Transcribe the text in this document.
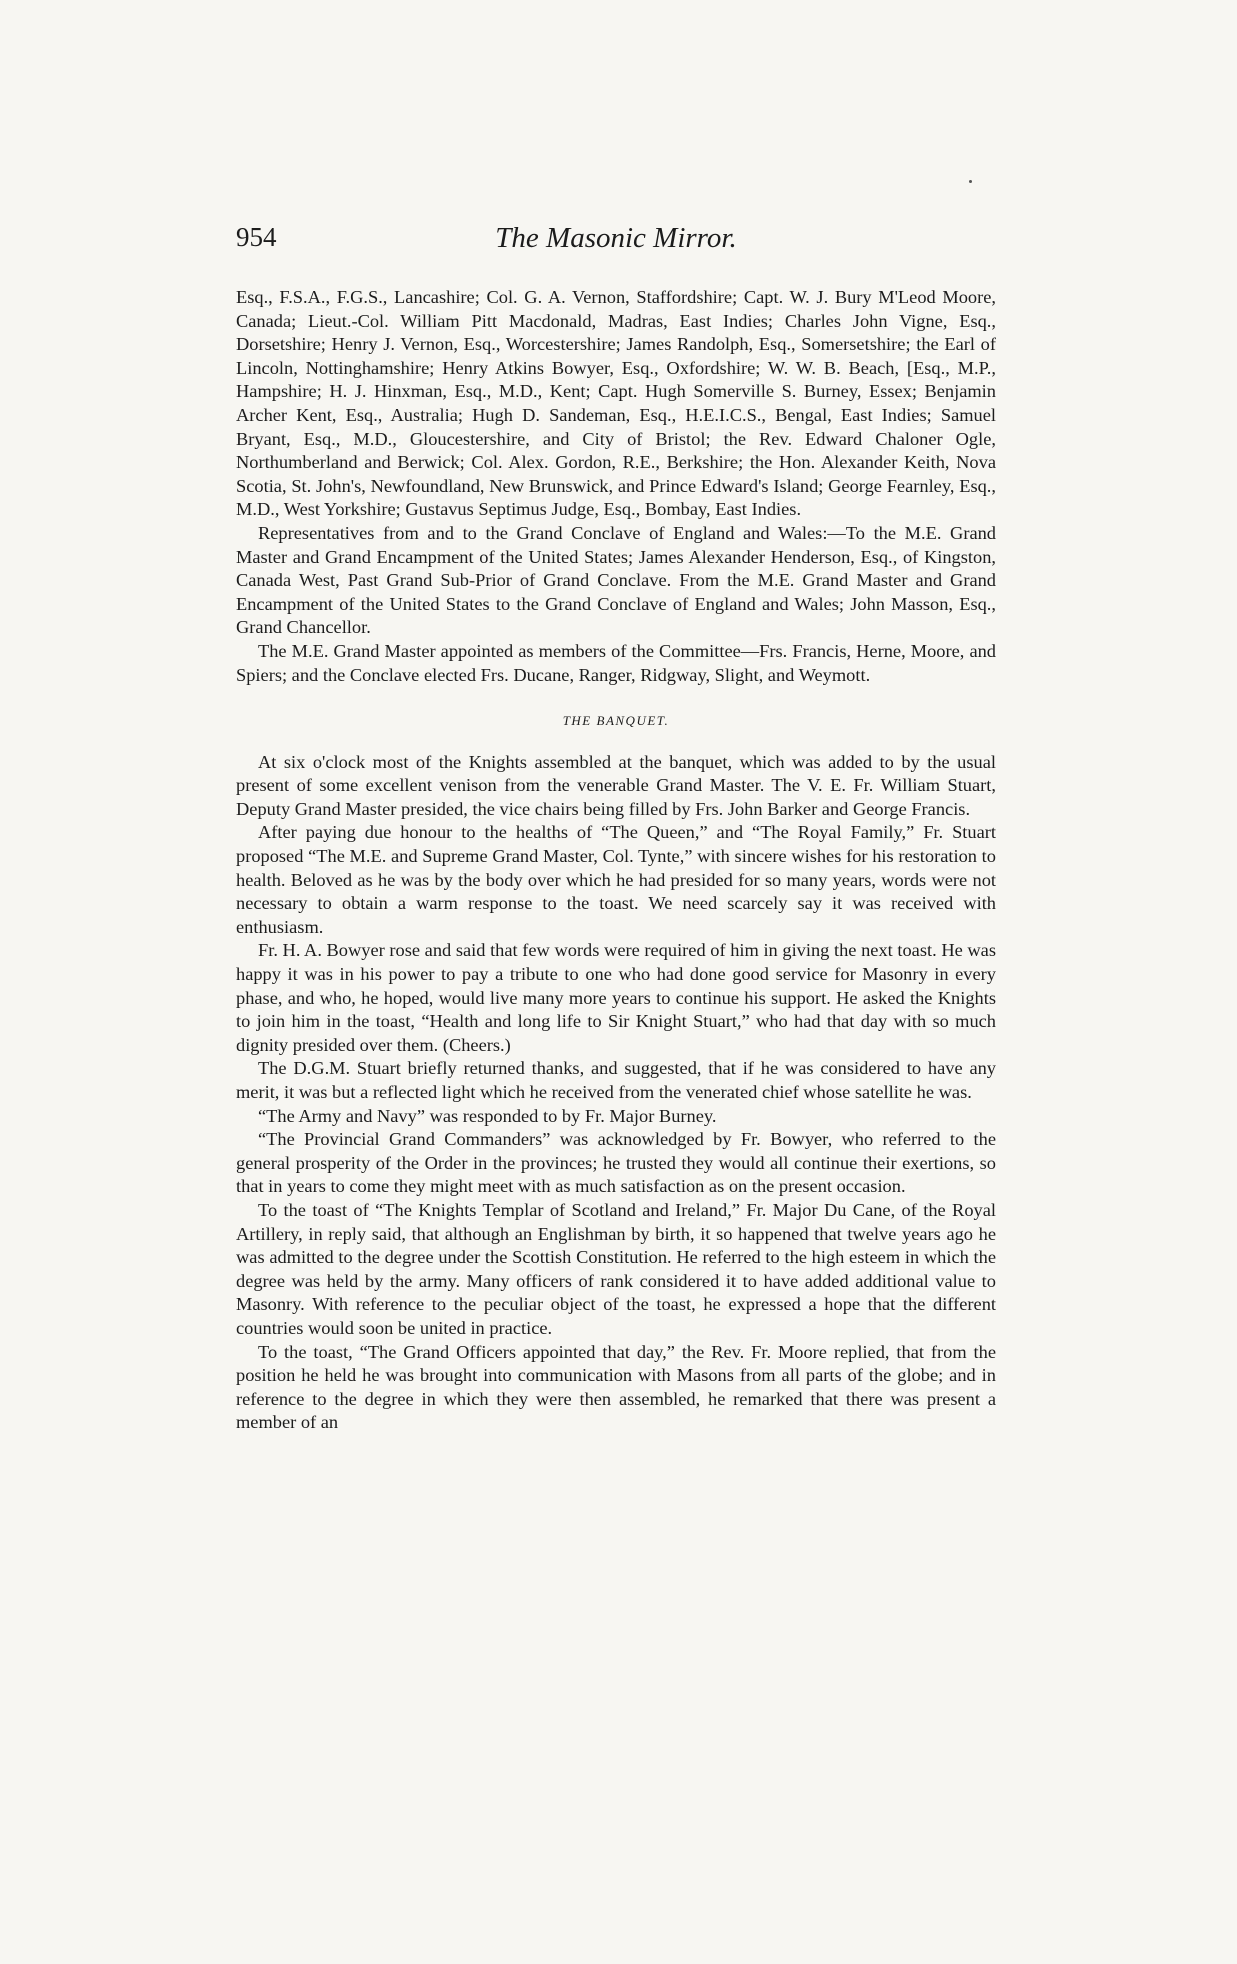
954	The Masonic Mirror.

Esq., F.S.A., F.G.S., Lancashire; Col. G. A. Vernon, Staffordshire; Capt. W. J. Bury M'Leod Moore, Canada; Lieut.-Col. William Pitt Macdonald, Madras, East Indies; Charles John Vigne, Esq., Dorsetshire; Henry J. Vernon, Esq., Worcestershire; James Randolph, Esq., Somersetshire; the Earl of Lincoln, Nottinghamshire; Henry Atkins Bowyer, Esq., Oxfordshire; W. W. B. Beach, [Esq., M.P., Hampshire; H. J. Hinxman, Esq., M.D., Kent; Capt. Hugh Somerville S. Burney, Essex; Benjamin Archer Kent, Esq., Australia; Hugh D. Sandeman, Esq., H.E.I.C.S., Bengal, East Indies; Samuel Bryant, Esq., M.D., Gloucestershire, and City of Bristol; the Rev. Edward Chaloner Ogle, Northumberland and Berwick; Col. Alex. Gordon, R.E., Berkshire; the Hon. Alexander Keith, Nova Scotia, St. John's, Newfoundland, New Brunswick, and Prince Edward's Island; George Fearnley, Esq., M.D., West Yorkshire; Gustavus Septimus Judge, Esq., Bombay, East Indies.

Representatives from and to the Grand Conclave of England and Wales:—To the M.E. Grand Master and Grand Encampment of the United States; James Alexander Henderson, Esq., of Kingston, Canada West, Past Grand Sub-Prior of Grand Conclave. From the M.E. Grand Master and Grand Encampment of the United States to the Grand Conclave of England and Wales; John Masson, Esq., Grand Chancellor.

The M.E. Grand Master appointed as members of the Committee—Frs. Francis, Herne, Moore, and Spiers; and the Conclave elected Frs. Ducane, Ranger, Ridgway, Slight, and Weymott.

THE BANQUET.

At six o'clock most of the Knights assembled at the banquet, which was added to by the usual present of some excellent venison from the venerable Grand Master. The V. E. Fr. William Stuart, Deputy Grand Master presided, the vice chairs being filled by Frs. John Barker and George Francis.

After paying due honour to the healths of “The Queen,” and “The Royal Family,” Fr. Stuart proposed “The M.E. and Supreme Grand Master, Col. Tynte,” with sincere wishes for his restoration to health. Beloved as he was by the body over which he had presided for so many years, words were not necessary to obtain a warm response to the toast. We need scarcely say it was received with enthusiasm.

Fr. H. A. Bowyer rose and said that few words were required of him in giving the next toast. He was happy it was in his power to pay a tribute to one who had done good service for Masonry in every phase, and who, he hoped, would live many more years to continue his support. He asked the Knights to join him in the toast, “Health and long life to Sir Knight Stuart,” who had that day with so much dignity presided over them. (Cheers.)

The D.G.M. Stuart briefly returned thanks, and suggested, that if he was considered to have any merit, it was but a reflected light which he received from the venerated chief whose satellite he was.

“The Army and Navy” was responded to by Fr. Major Burney.

“The Provincial Grand Commanders” was acknowledged by Fr. Bowyer, who referred to the general prosperity of the Order in the provinces; he trusted they would all continue their exertions, so that in years to come they might meet with as much satisfaction as on the present occasion.

To the toast of “The Knights Templar of Scotland and Ireland,” Fr. Major Du Cane, of the Royal Artillery, in reply said, that although an Englishman by birth, it so happened that twelve years ago he was admitted to the degree under the Scottish Constitution. He referred to the high esteem in which the degree was held by the army. Many officers of rank considered it to have added additional value to Masonry. With reference to the peculiar object of the toast, he expressed a hope that the different countries would soon be united in practice.

To the toast, “The Grand Officers appointed that day,” the Rev. Fr. Moore replied, that from the position he held he was brought into communication with Masons from all parts of the globe; and in reference to the degree in which they were then assembled, he remarked that there was present a member of an
